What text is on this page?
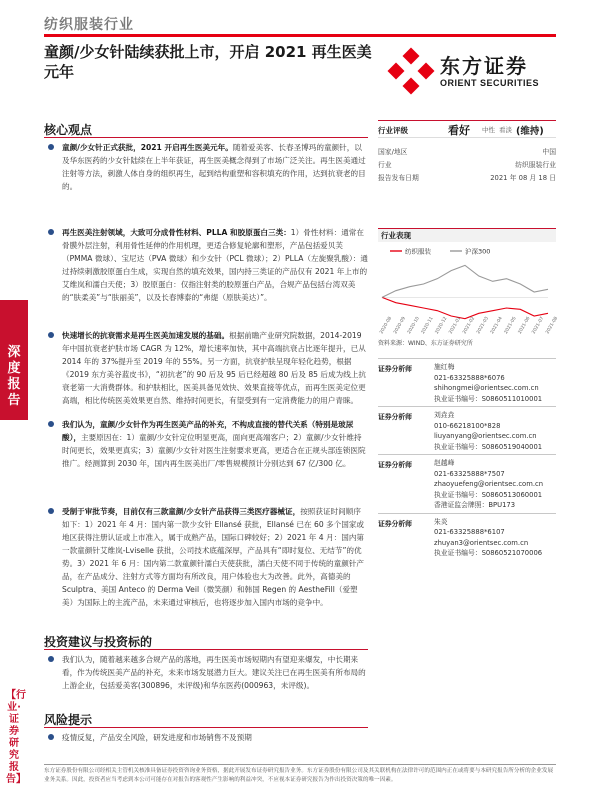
纺织服装行业
童颜/少女针陆续获批上市，开启 2021 再生医美元年	东方证券
ORIENT SECURITIES
深度报告
【行业·证券研究报告】
核心观点
童颜/少女针正式获批，2021 开启再生医美元年。随着爱美客、长春圣博玛的童颜针，以及华东医药的少女针陆续在上半年获证，再生医美概念得到了市场广泛关注。再生医美通过注射等方法，刺激人体自身的组织再生，起到结构重塑和容积填充的作用，达到抗衰老的目的。
再生医美注射领域，大致可分成骨性材料、PLLA 和胶原蛋白三类：1）骨性材料：通常在骨膜外层注射，利用骨性延伸的作用机理，更适合修复轮廓和塑形，产品包括爱贝芙（PMMA 微球）、宝尼达（PVA 微球）和少女针（PCL 微球）；2）PLLA（左旋聚乳酸）：通过持续刺激胶原蛋白生成，实现自然的填充效果，国内持三类证的产品仅有 2021 年上市的艾维岚和濡白天使；3）胶原蛋白：仅指注射类的胶原蛋白产品，合规产品包括台湾双美的“肤柔美”与“肤丽美”，以及长春博泰的“弗缇（原肤美达）”。
快速增长的抗衰需求是再生医美加速发展的基础。根据前瞻产业研究院数据，2014-2019 年中国抗衰老护肤市场 CAGR 为 12%，增长速率加快，其中高端抗衰占比逐年提升，已从 2014 年的 37%提升至 2019 年的 55%。另一方面，抗衰护肤呈现年轻化趋势，根据《2019 东方美谷蓝皮书》，“初抗老”的 90 后及 95 后已经超越 80 后及 85 后成为线上抗衰老第一大消费群体。和护肤相比，医美具备见效快、效果直接等优点，而再生医美定位更高端，相比传统医美效果更自然、维持时间更长，有望受到有一定消费能力的用户青睐。
我们认为，童颜/少女针作为再生医美产品的补充，不构成直接的替代关系（特别是玻尿酸），主要原因在：1）童颜/少女针定位明显更高，面向更高端客户；2）童颜/少女针维持时间更长，效果更真实；3）童颜/少女针对医生注射要求更高，更适合在正规头部连锁医院推广。经测算到 2030 年，国内再生医美出厂/零售规模预计分别达到 67 亿/300 亿。
受制于审批节奏，目前仅有三款童颜/少女针产品获得三类医疗器械证，按照获证时间顺序如下：1）2021 年 4 月：国内第一款少女针 Ellansé 获批，Ellansé 已在 60 多个国家或地区获得注册认证或上市准入，属于成熟产品，国际口碑较好；2）2021 年 4 月：国内第一款童颜针艾维岚-Lviselle 获批，公司技术底蕴深厚，产品具有“即时复位、无结节”的优势。3）2021 年 6 月：国内第二款童颜针濡白天使获批，濡白天使不同于传统的童颜针产品，在产品成分、注射方式等方面均有所改良，用户体验也大为改善。此外，高德美的 Sculptra、美国 Anteco 的 Derma Veil（微笑颜）和韩国 Regen 的 AestheFill（爱塑美）为国际上的主流产品，未来通过审核后，也将逐步加入国内市场的竞争中。
投资建议与投资标的
我们认为，随着越来越多合规产品的落地，再生医美市场短期内有望迎来爆发，中长期来看，作为传统医美产品的补充，未来市场发展潜力巨大。建议关注已在再生医美有所布局的上游企业，包括爱美客(300896，未评级)和华东医药(000963，未评级)。
风险提示
疫情反复，产品安全风险，研发进度和市场销售不及预期
行业评级	看好 中性 看淡 (维持)
国家/地区	中国
行业	纺织服装行业
报告发布日期	2021 年 08 月 18 日
行业表现
纺织服装	沪深300
2020-08 2020-09 2020-10 2020-11 2020-12 2021-01 2021-02 2021-03 2021-04 2021-05 2021-06 2021-07 2021-08
资料来源：WIND、东方证券研究所
证券分析师	施红梅
021-63325888*6076
shihongmei@orientsec.com.cn
执业证书编号：S0860511010001
证券分析师	刘垚垚
010-66218100*828
liuyanyang@orientsec.com.cn
执业证书编号：S0860519040001
证券分析师	赵越峰
021-63325888*7507
zhaoyuefeng@orientsec.com.cn
执业证书编号：S0860513060001
香港证监会牌照：BPU173
证券分析师	朱炎
021-63325888*6107
zhuyan3@orientsec.com.cn
执业证书编号：S0860521070006
东方证券股份有限公司经相关主管机关核准具备证券投资咨询业务资格，据此开展发布证券研究报告业务。东方证券股份有限公司及其关联机构在法律许可的范围内正在或将要与本研究报告所分析的企业发展业务关系。因此，投资者应当考虑到本公司可能存在对报告的客观性产生影响的利益冲突，不应视本证券研究报告为作出投资决策的唯一因素。
